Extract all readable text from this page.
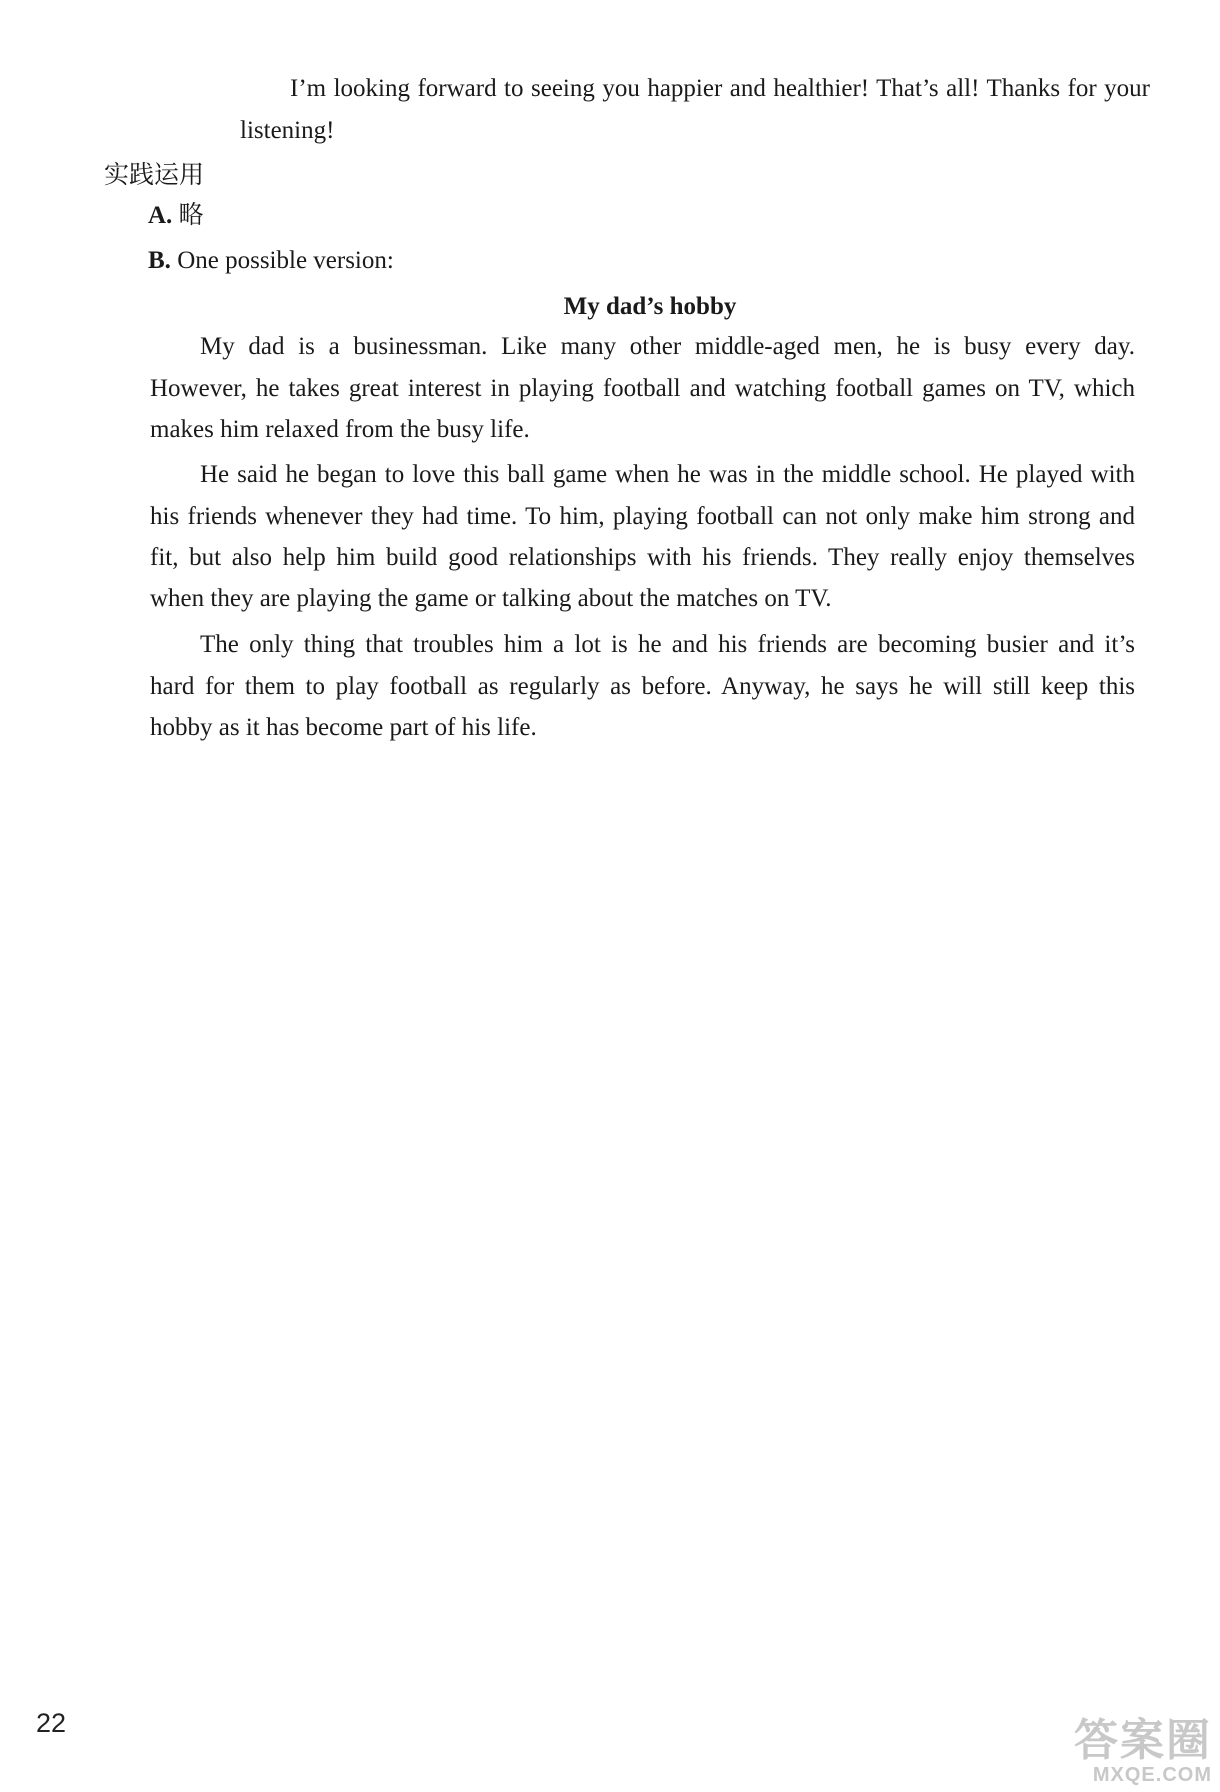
I’m looking forward to seeing you happier and healthier! That’s all! Thanks for your
listening!
实践运用
A. 略
B. One possible version:
My dad’s hobby
My dad is a businessman. Like many other middle-aged men, he is busy every day.
However, he takes great interest in playing football and watching football games on TV, which
makes him relaxed from the busy life.
He said he began to love this ball game when he was in the middle school. He played with
his friends whenever they had time. To him, playing football can not only make him strong and
fit, but also help him build good relationships with his friends. They really enjoy themselves
when they are playing the game or talking about the matches on TV.
The only thing that troubles him a lot is he and his friends are becoming busier and it’s
hard for them to play football as regularly as before. Anyway, he says he will still keep this
hobby as it has become part of his life.
22	答案圈
MXQE.COM
